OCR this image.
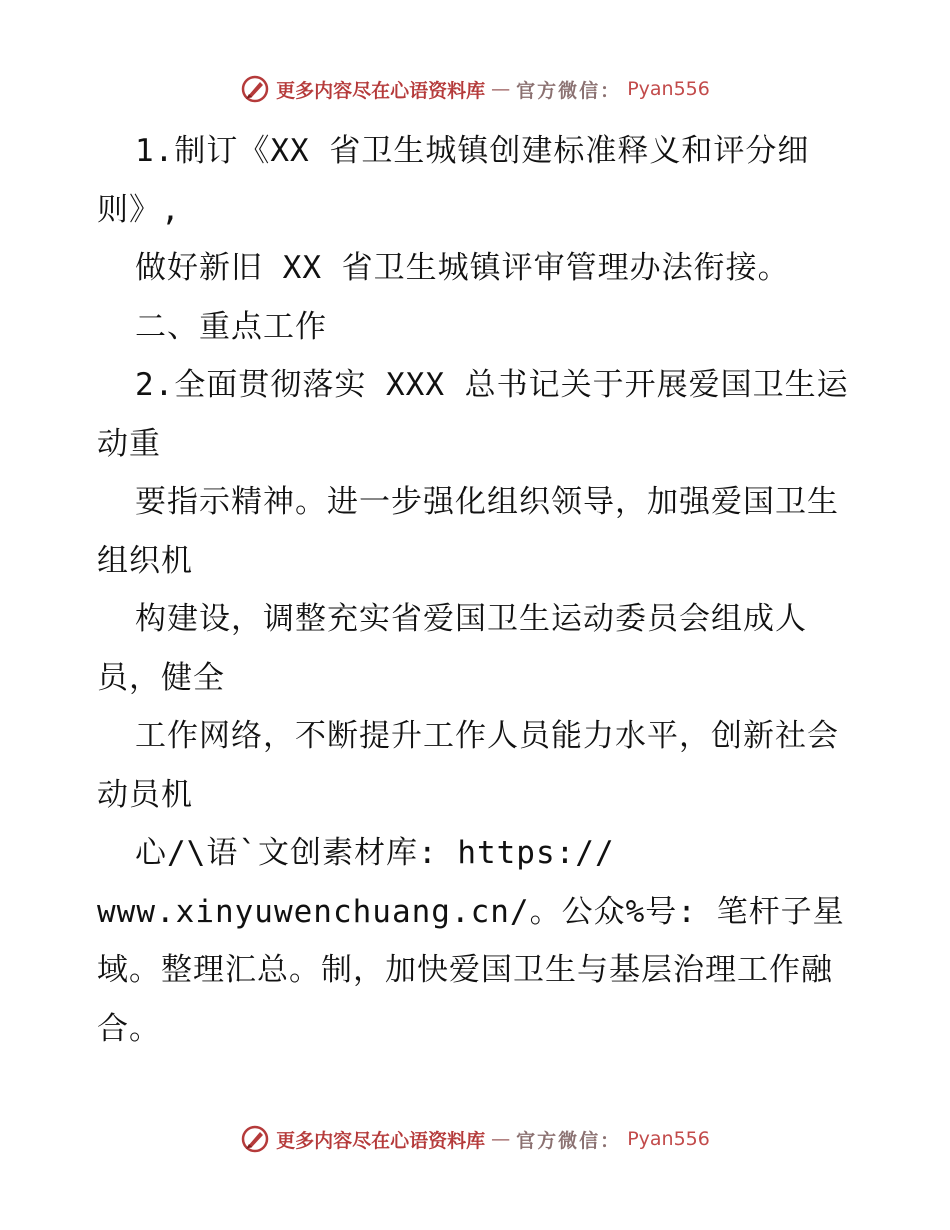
更多内容尽在心语资料库 — 官方微信： Pyan556

1.制订《XX 省卫生城镇创建标准释义和评分细则》,

做好新旧 XX 省卫生城镇评审管理办法衔接。

二、重点工作

2.全面贯彻落实 XXX 总书记关于开展爱国卫生运动重

要指示精神。进一步强化组织领导，加强爱国卫生组织机

构建设，调整充实省爱国卫生运动委员会组成人员，健全

工作网络，不断提升工作人员能力水平，创新社会动员机

心/\语`文创素材库: https://

www.xinyuwenchuang.cn/。公众%号: 笔杆子星

域。整理汇总。制，加快爱国卫生与基层治理工作融合。

更多内容尽在心语资料库 — 官方微信： Pyan556
